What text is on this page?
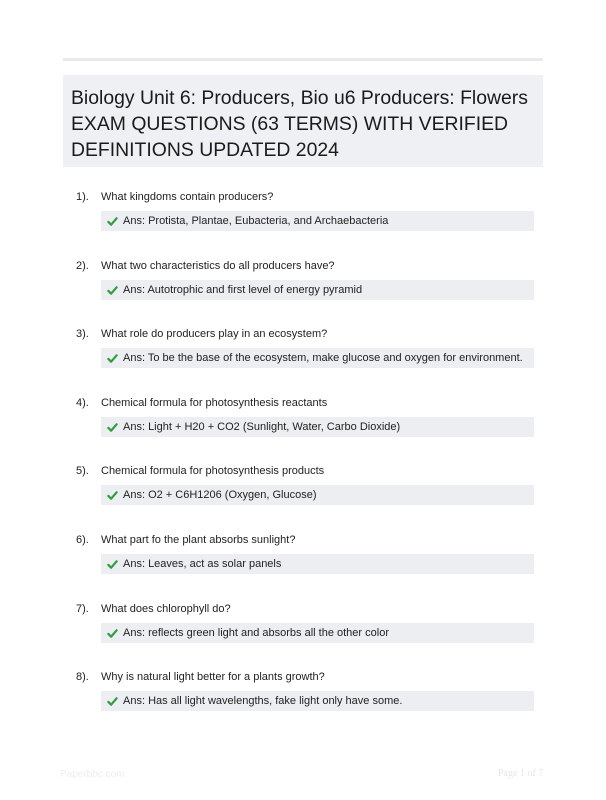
Biology Unit 6: Producers, Bio u6 Producers: Flowers EXAM QUESTIONS (63 TERMS) WITH VERIFIED DEFINITIONS UPDATED 2024
1). What kingdoms contain producers?
Ans: Protista, Plantae, Eubacteria, and Archaebacteria
2). What two characteristics do all producers have?
Ans: Autotrophic and first level of energy pyramid
3). What role do producers play in an ecosystem?
Ans: To be the base of the ecosystem, make glucose and oxygen for environment.
4). Chemical formula for photosynthesis reactants
Ans: Light + H20 + CO2 (Sunlight, Water, Carbo Dioxide)
5). Chemical formula for photosynthesis products
Ans: O2 + C6H1206 (Oxygen, Glucose)
6). What part fo the plant absorbs sunlight?
Ans: Leaves, act as solar panels
7). What does chlorophyll do?
Ans: reflects green light and absorbs all the other color
8). Why is natural light better for a plants growth?
Ans: Has all light wavelengths, fake light only have some.
Paperbbc.com	Page 1 of 7
